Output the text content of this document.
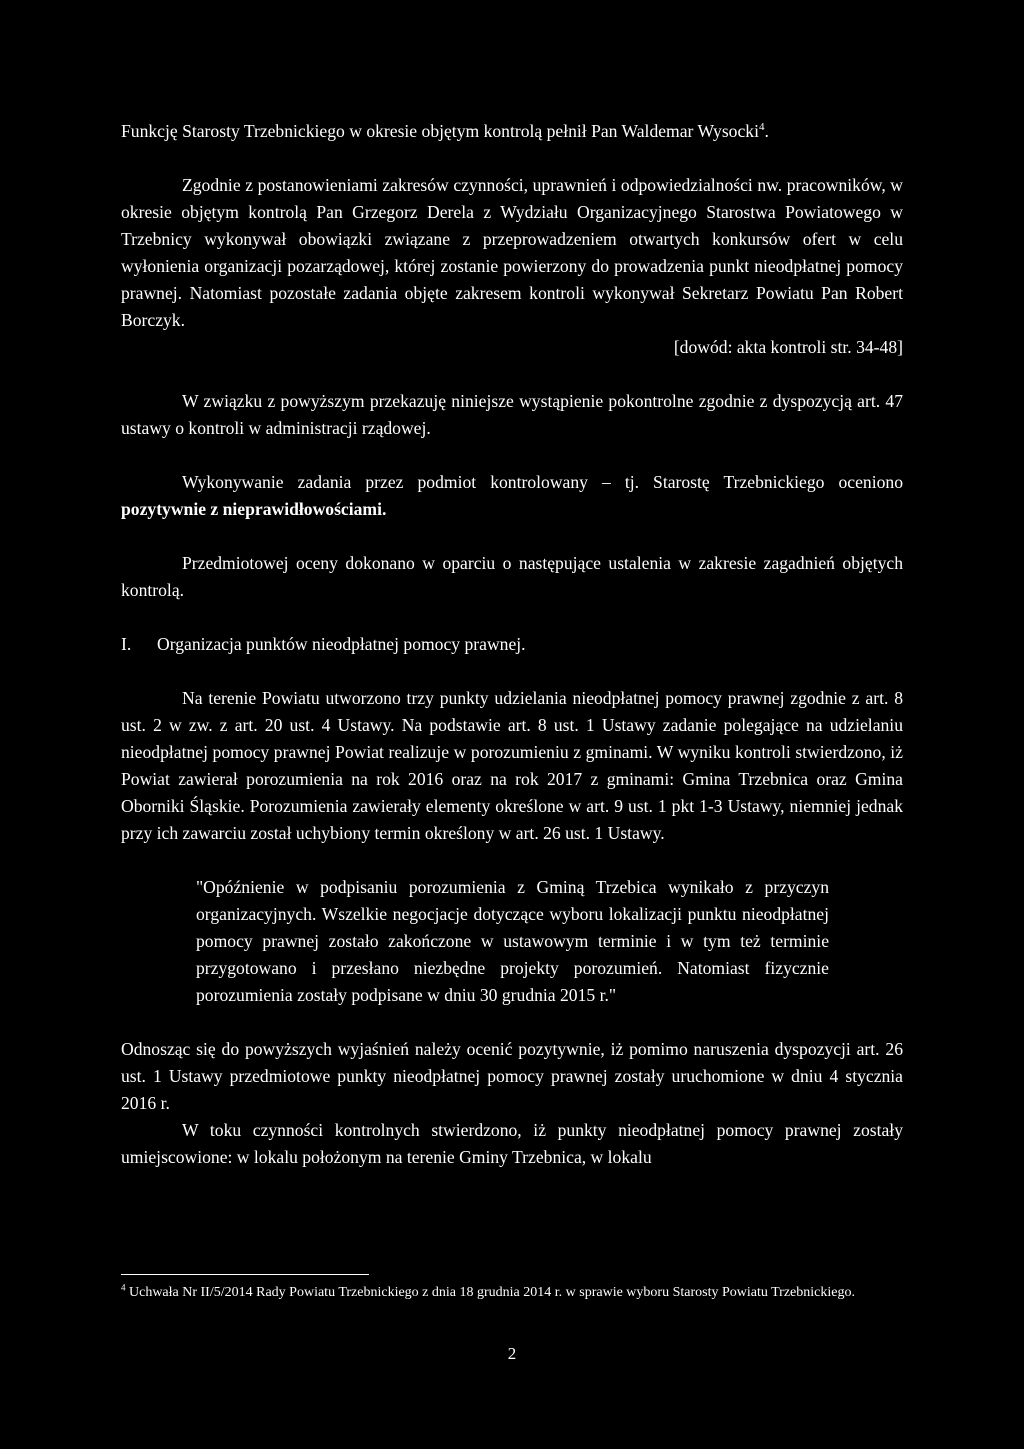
Funkcję Starosty Trzebnickiego w okresie objętym kontrolą pełnił Pan Waldemar Wysocki$^4$.

Zgodnie z postanowieniami zakresów czynności, uprawnień i odpowiedzialności nw. pracowników, w okresie objętym kontrolą Pan Grzegorz Derela z Wydziału Organizacyjnego Starostwa Powiatowego w Trzebnicy wykonywał obowiązki związane z przeprowadzeniem otwartych konkursów ofert w celu wyłonienia organizacji pozarządowej, której zostanie powierzony do prowadzenia punkt nieodpłatnej pomocy prawnej. Natomiast pozostałe zadania objęte zakresem kontroli wykonywał Sekretarz Powiatu Pan Robert Borczyk.

[dowód: akta kontroli str. 34-48]

W związku z powyższym przekazuję niniejsze wystąpienie pokontrolne zgodnie z dyspozycją art. 47 ustawy o kontroli w administracji rządowej.

Wykonywanie zadania przez podmiot kontrolowany – tj. Starostę Trzebnickiego oceniono pozytywnie z nieprawidłowościami.

Przedmiotowej oceny dokonano w oparciu o następujące ustalenia w zakresie zagadnień objętych kontrolą.

I.	Organizacja punktów nieodpłatnej pomocy prawnej.

Na terenie Powiatu utworzono trzy punkty udzielania nieodpłatnej pomocy prawnej zgodnie z art. 8 ust. 2 w zw. z art. 20 ust. 4 Ustawy. Na podstawie art. 8 ust. 1 Ustawy zadanie polegające na udzielaniu nieodpłatnej pomocy prawnej Powiat realizuje w porozumieniu z gminami. W wyniku kontroli stwierdzono, iż Powiat zawierał porozumienia na rok 2016 oraz na rok 2017 z gminami: Gmina Trzebnica oraz Gmina Oborniki Śląskie. Porozumienia zawierały elementy określone w art. 9 ust. 1 pkt 1-3 Ustawy, niemniej jednak przy ich zawarciu został uchybiony termin określony w art. 26 ust. 1 Ustawy.

"Opóźnienie w podpisaniu porozumienia z Gminą Trzebica wynikało z przyczyn organizacyjnych. Wszelkie negocjacje dotyczące wyboru lokalizacji punktu nieodpłatnej pomocy prawnej zostało zakończone w ustawowym terminie i w tym też terminie przygotowano i przesłano niezbędne projekty porozumień. Natomiast fizycznie porozumienia zostały podpisane w dniu 30 grudnia 2015 r."

Odnosząc się do powyższych wyjaśnień należy ocenić pozytywnie, iż pomimo naruszenia dyspozycji art. 26 ust. 1 Ustawy przedmiotowe punkty nieodpłatnej pomocy prawnej zostały uruchomione w dniu 4 stycznia 2016 r.

W toku czynności kontrolnych stwierdzono, iż punkty nieodpłatnej pomocy prawnej zostały umiejscowione: w lokalu położonym na terenie Gminy Trzebnica, w lokalu

$^4$ Uchwała Nr II/5/2014 Rady Powiatu Trzebnickiego z dnia 18 grudnia 2014 r. w sprawie wyboru Starosty Powiatu Trzebnickiego.

2
